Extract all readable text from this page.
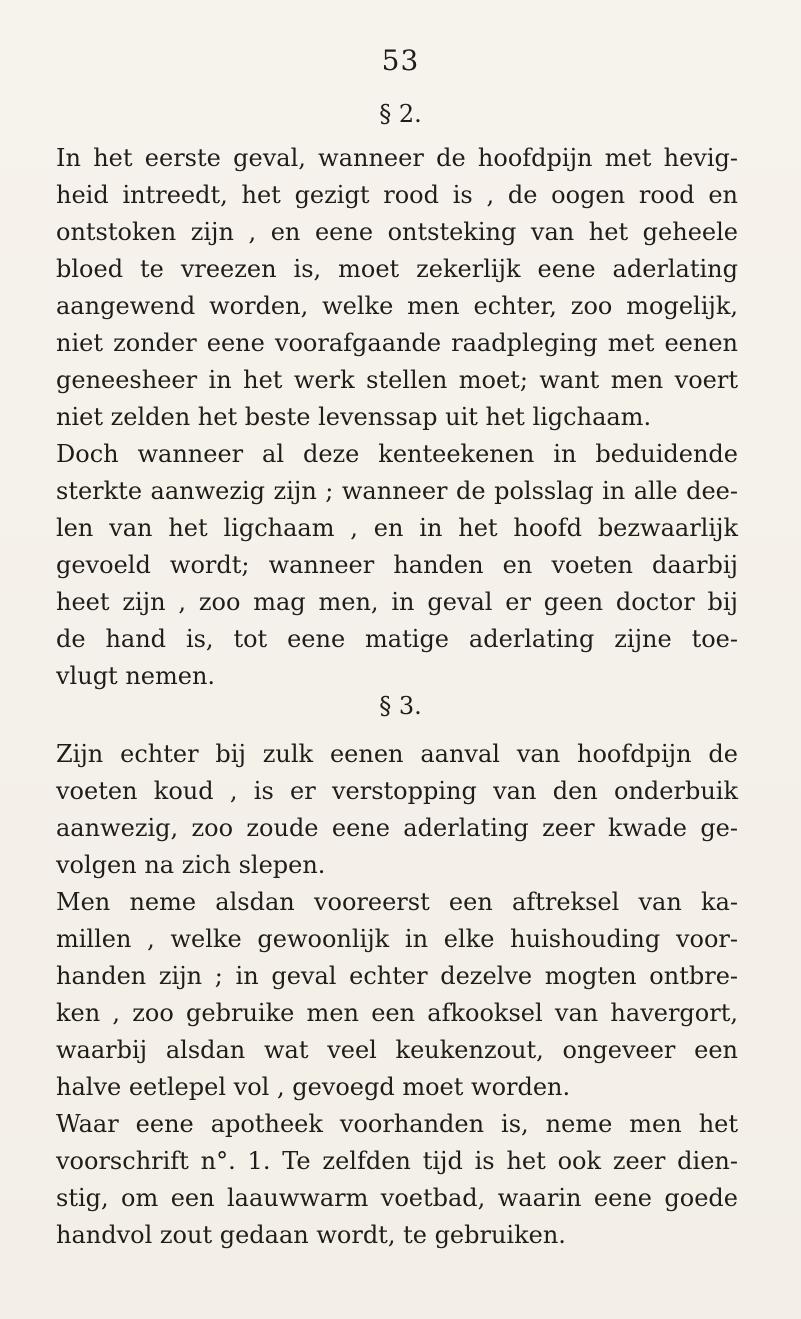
53
§ 2.
In het eerste geval, wanneer de hoofdpijn met hevig-
heid intreedt, het gezigt rood is , de oogen rood en
ontstoken zijn , en eene ontsteking van het geheele
bloed te vreezen is, moet zekerlijk eene aderlating
aangewend worden, welke men echter, zoo mogelijk,
niet zonder eene voorafgaande raadpleging met eenen
geneesheer in het werk stellen moet; want men voert
niet zelden het beste levenssap uit het ligchaam.
Doch wanneer al deze kenteekenen in beduidende
sterkte aanwezig zijn ; wanneer de polsslag in alle dee-
len van het ligchaam , en in het hoofd bezwaarlijk
gevoeld wordt; wanneer handen en voeten daarbij
heet zijn , zoo mag men, in geval er geen doctor bij
de hand is, tot eene matige aderlating zijne toe-
vlugt nemen.
§ 3.
Zijn echter bij zulk eenen aanval van hoofdpijn de
voeten koud , is er verstopping van den onderbuik
aanwezig, zoo zoude eene aderlating zeer kwade ge-
volgen na zich slepen.
Men neme alsdan vooreerst een aftreksel van ka-
millen , welke gewoonlijk in elke huishouding voor-
handen zijn ; in geval echter dezelve mogten ontbre-
ken , zoo gebruike men een afkooksel van havergort,
waarbij alsdan wat veel keukenzout, ongeveer een
halve eetlepel vol , gevoegd moet worden.
Waar eene apotheek voorhanden is, neme men het
voorschrift n°. 1. Te zelfden tijd is het ook zeer dien-
stig, om een laauwwarm voetbad, waarin eene goede
handvol zout gedaan wordt, te gebruiken.
